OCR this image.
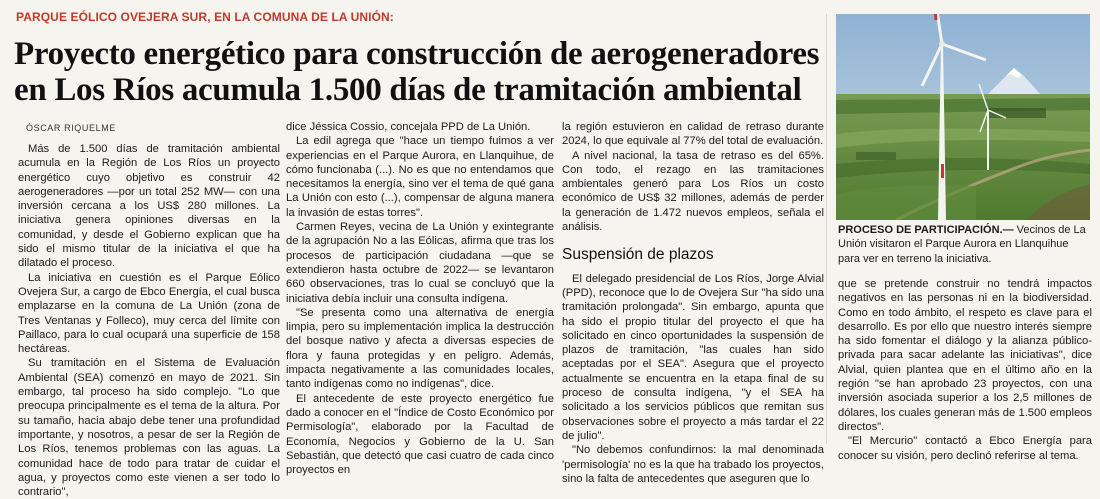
PARQUE EÓLICO OVEJERA SUR, EN LA COMUNA DE LA UNIÓN:
Proyecto energético para construcción de aerogeneradores
en Los Ríos acumula 1.500 días de tramitación ambiental
ÓSCAR RIQUELME

Más de 1.500 días de tramitación ambiental acumula en la Región de Los Ríos un proyecto energético cuyo objetivo es construir 42 aerogeneradores —por un total 252 MW— con una inversión cercana a los US$ 280 millones. La iniciativa genera opiniones diversas en la comunidad, y desde el Gobierno explican que ha sido el mismo titular de la iniciativa el que ha dilatado el proceso.

La iniciativa en cuestión es el Parque Eólico Ovejera Sur, a cargo de Ebco Energía, el cual busca emplazarse en la comuna de La Unión (zona de Tres Ventanas y Folleco), muy cerca del límite con Paillaco, para lo cual ocupará una superficie de 158 hectáreas.

Su tramitación en el Sistema de Evaluación Ambiental (SEA) comenzó en mayo de 2021. Sin embargo, tal proceso ha sido complejo. "Lo que preocupa principalmente es el tema de la altura. Por su tamaño, hacia abajo debe tener una profundidad importante, y nosotros, a pesar de ser la Región de Los Ríos, tenemos problemas con las aguas. La comunidad hace de todo para tratar de cuidar el agua, y proyectos como este vienen a ser todo lo contrario",

dice Jéssica Cossio, concejala PPD de La Unión.

La edil agrega que "hace un tiempo fuimos a ver experiencias en el Parque Aurora, en Llanquihue, de cómo funcionaba (...). No es que no entendamos que necesitamos la energía, sino ver el tema de qué gana La Unión con esto (...), compensar de alguna manera la invasión de estas torres".

Carmen Reyes, vecina de La Unión y exintegrante de la agrupación No a las Eólicas, afirma que tras los procesos de participación ciudadana —que se extendieron hasta octubre de 2022— se levantaron 660 observaciones, tras lo cual se concluyó que la iniciativa debía incluir una consulta indígena.

"Se presenta como una alternativa de energía limpia, pero su implementación implica la destrucción del bosque nativo y afecta a diversas especies de flora y fauna protegidas y en peligro. Además, impacta negativamente a las comunidades locales, tanto indígenas como no indígenas", dice.

El antecedente de este proyecto energético fue dado a conocer en el "Índice de Costo Económico por Permisología", elaborado por la Facultad de Economía, Negocios y Gobierno de la U. San Sebastián, que detectó que casi cuatro de cada cinco proyectos en

la región estuvieron en calidad de retraso durante 2024, lo que equivale al 77% del total de evaluación.

A nivel nacional, la tasa de retraso es del 65%. Con todo, el rezago en las tramitaciones ambientales generó para Los Ríos un costo económico de US$ 32 millones, además de perder la generación de 1.472 nuevos empleos, señala el análisis.

Suspensión de plazos

El delegado presidencial de Los Ríos, Jorge Alvial (PPD), reconoce que lo de Ovejera Sur "ha sido una tramitación prolongada". Sin embargo, apunta que ha sido el propio titular del proyecto el que ha solicitado en cinco oportunidades la suspensión de plazos de tramitación, "las cuales han sido aceptadas por el SEA". Asegura que el proyecto actualmente se encuentra en la etapa final de su proceso de consulta indígena, "y el SEA ha solicitado a los servicios públicos que remitan sus observaciones sobre el proyecto a más tardar el 22 de julio".

"No debemos confundirnos: la mal denominada 'permisología' no es la que ha trabado los proyectos, sino la falta de antecedentes que aseguren que lo

PROCESO DE PARTICIPACIÓN.— Vecinos de La Unión visitaron el Parque Aurora en Llanquihue para ver en terreno la iniciativa.

que se pretende construir no tendrá impactos negativos en las personas ni en la biodiversidad. Como en todo ámbito, el respeto es clave para el desarrollo. Es por ello que nuestro interés siempre ha sido fomentar el diálogo y la alianza público-privada para sacar adelante las iniciativas", dice Alvial, quien plantea que en el último año en la región "se han aprobado 23 proyectos, con una inversión asociada superior a los 2,5 millones de dólares, los cuales generan más de 1.500 empleos directos".

"El Mercurio" contactó a Ebco Energía para conocer su visión, pero declinó referirse al tema.
